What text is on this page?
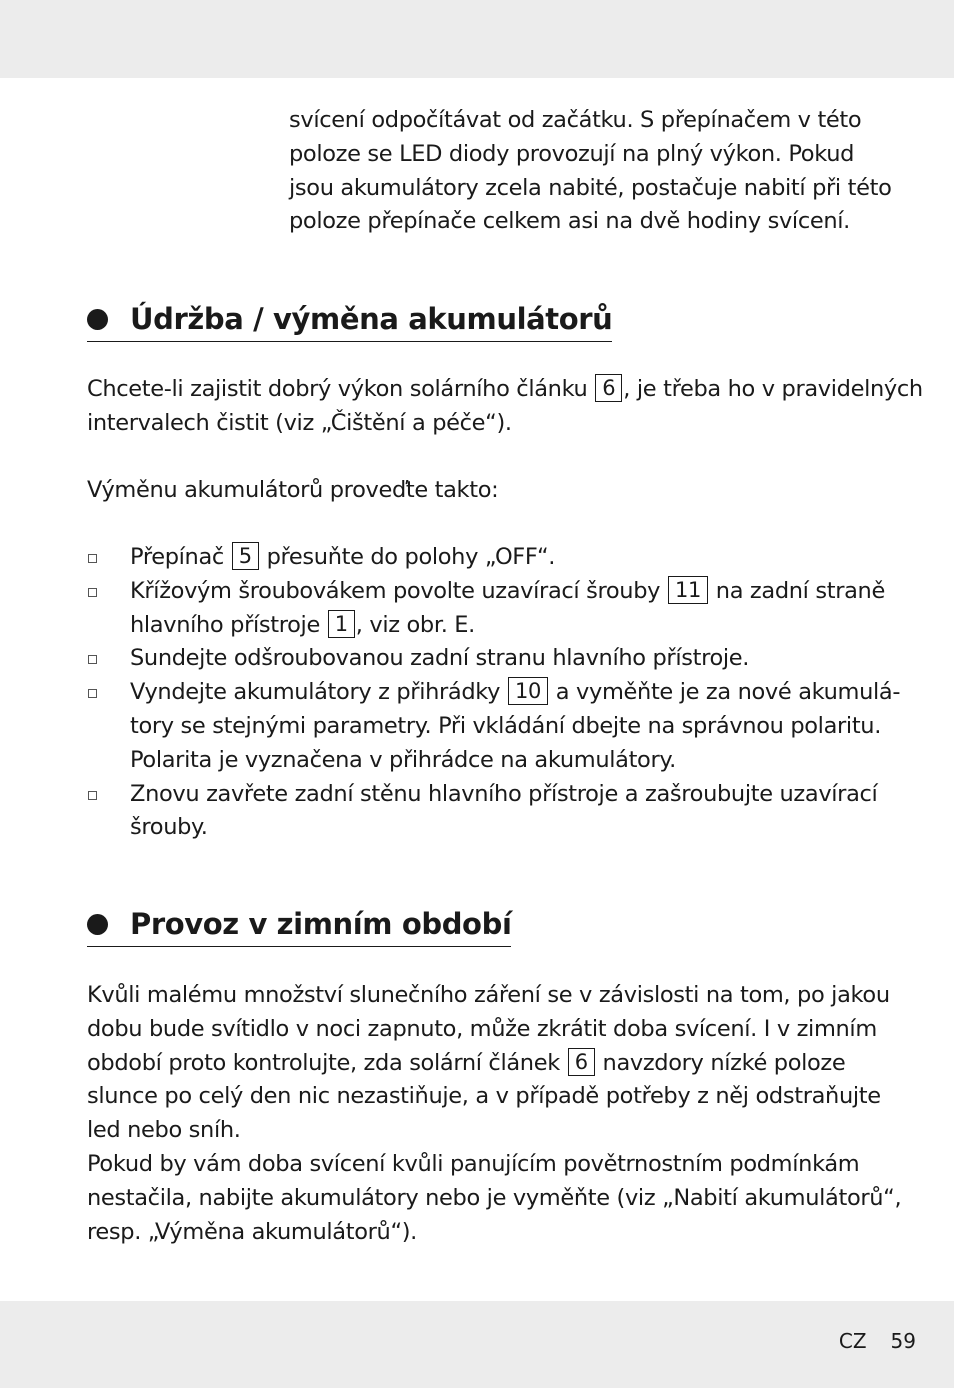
svícení odpočítávat od začátku. S přepínačem v této
poloze se LED diody provozují na plný výkon. Pokud
jsou akumulátory zcela nabité, postačuje nabití při této
poloze přepínače celkem asi na dvě hodiny svícení.
Údržba / výměna akumulátorů
Chcete-li zajistit dobrý výkon solárního článku 6 , je třeba ho v pravidelných
intervalech čistit (viz „Čištění a péče“).
Výměnu akumulátorů proveďte takto:
Přepínač 5 přesuňte do polohy „OFF“.
Křížovým šroubovákem povolte uzavírací šrouby 11 na zadní straně
hlavního přístroje 1 , viz obr. E.
Sundejte odšroubovanou zadní stranu hlavního přístroje.
Vyndejte akumulátory z přihrádky 10 a vyměňte je za nové akumulá-
tory se stejnými parametry. Při vkládání dbejte na správnou polaritu.
Polarita je vyznačena v přihrádce na akumulátory.
Znovu zavřete zadní stěnu hlavního přístroje a zašroubujte uzavírací
šrouby.
Provoz v zimním období
Kvůli malému množství slunečního záření se v závislosti na tom, po jakou
dobu bude svítidlo v noci zapnuto, může zkrátit doba svícení. I v zimním
období proto kontrolujte, zda solární článek 6 navzdory nízké poloze
slunce po celý den nic nezastiňuje, a v případě potřeby z něj odstraňujte
led nebo sníh.
Pokud by vám doba svícení kvůli panujícím povětrnostním podmínkám
nestačila, nabijte akumulátory nebo je vyměňte (viz „Nabití akumulátorů“,
resp. „Výměna akumulátorů“).
CZ 59
